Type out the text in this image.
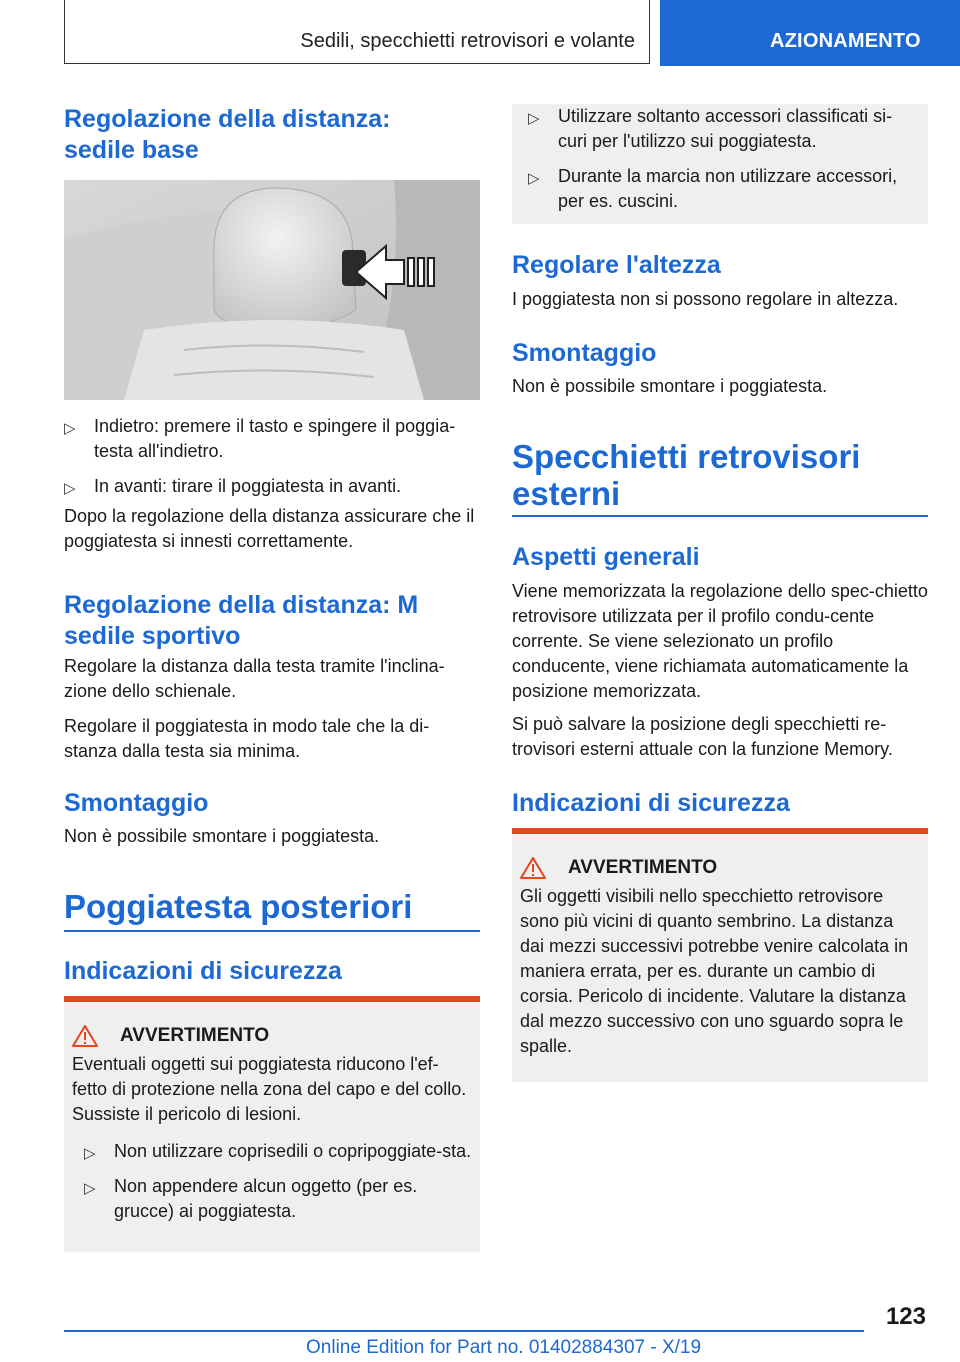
Sedili, specchietti retrovisori e volante	AZIONAMENTO
Regolazione della distanza: sedile base
▷ Indietro: premere il tasto e spingere il poggia-testa all'indietro.
▷ In avanti: tirare il poggiatesta in avanti.
Dopo la regolazione della distanza assicurare che il poggiatesta si innesti correttamente.
Regolazione della distanza: M sedile sportivo
Regolare la distanza dalla testa tramite l'inclina-zione dello schienale.
Regolare il poggiatesta in modo tale che la di-stanza dalla testa sia minima.
Smontaggio
Non è possibile smontare i poggiatesta.
Poggiatesta posteriori
Indicazioni di sicurezza
AVVERTIMENTO
Eventuali oggetti sui poggiatesta riducono l'ef-fetto di protezione nella zona del capo e del collo. Sussiste il pericolo di lesioni.
▷ Non utilizzare coprisedili o copripoggiate-sta.
▷ Non appendere alcun oggetto (per es. grucce) ai poggiatesta.
▷ Utilizzare soltanto accessori classificati si-curi per l'utilizzo sui poggiatesta.
▷ Durante la marcia non utilizzare accessori, per es. cuscini.
Regolare l'altezza
I poggiatesta non si possono regolare in altezza.
Smontaggio
Non è possibile smontare i poggiatesta.
Specchietti retrovisori esterni
Aspetti generali
Viene memorizzata la regolazione dello spec-chietto retrovisore utilizzata per il profilo condu-cente corrente. Se viene selezionato un profilo conducente, viene richiamata automaticamente la posizione memorizzata.
Si può salvare la posizione degli specchietti re-trovisori esterni attuale con la funzione Memory.
Indicazioni di sicurezza
AVVERTIMENTO
Gli oggetti visibili nello specchietto retrovisore sono più vicini di quanto sembrino. La distanza dai mezzi successivi potrebbe venire calcolata in maniera errata, per es. durante un cambio di corsia. Pericolo di incidente. Valutare la distanza dal mezzo successivo con uno sguardo sopra le spalle.
123
Online Edition for Part no. 01402884307 - X/19
